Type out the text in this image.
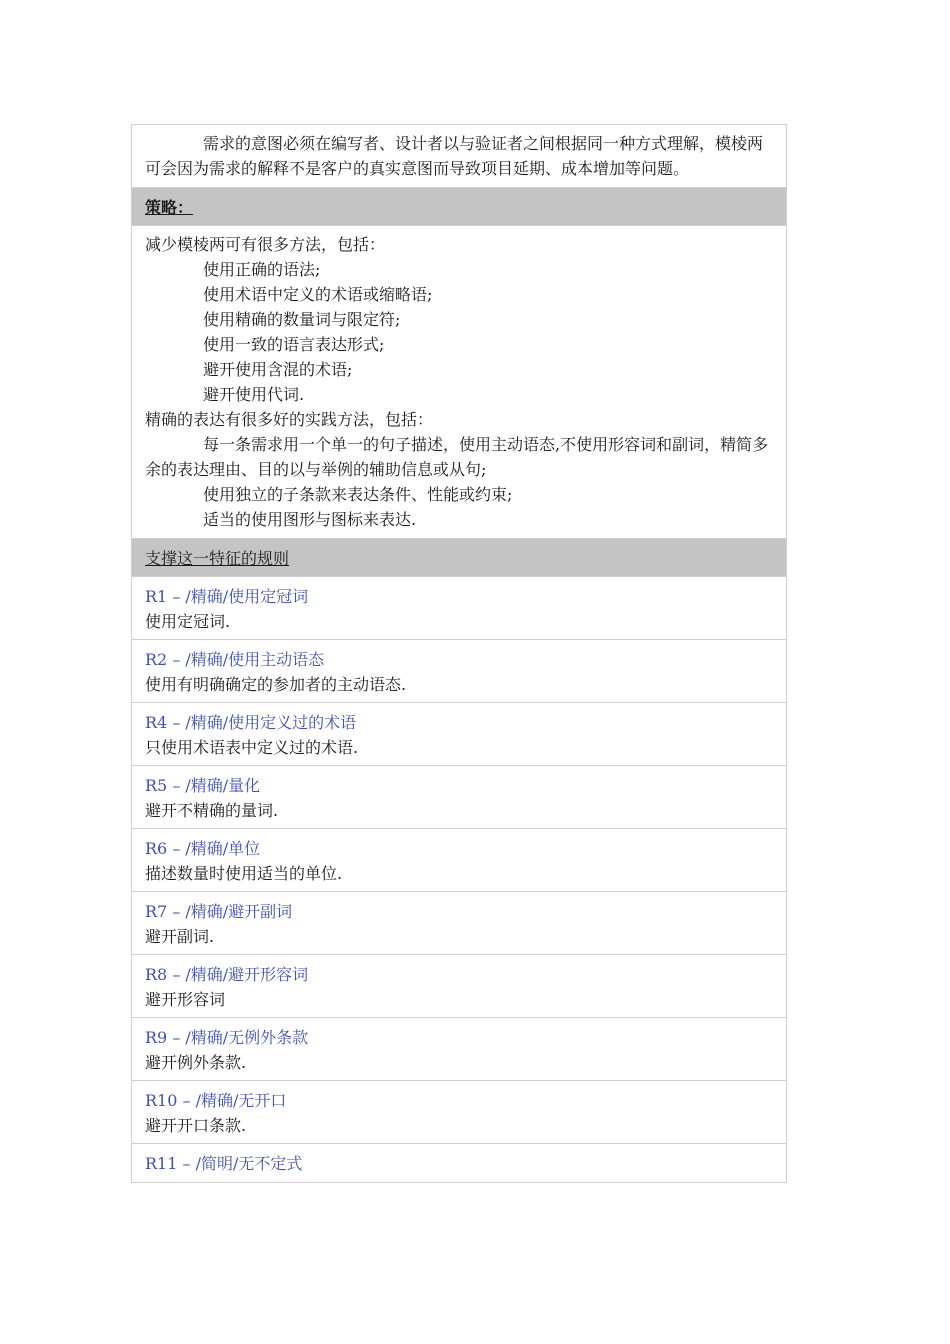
需求的意图必须在编写者、设计者以与验证者之间根据同一种方式理解，模棱两可会因为需求的解释不是客户的真实意图而导致项目延期、成本增加等问题。
策略：
减少模棱两可有很多方法，包括：
使用正确的语法;
使用术语中定义的术语或缩略语;
使用精确的数量词与限定符;
使用一致的语言表达形式;
避开使用含混的术语;
避开使用代词.
精确的表达有很多好的实践方法，包括：
每一条需求用一个单一的句子描述，使用主动语态,不使用形容词和副词，精简多余的表达理由、目的以与举例的辅助信息或从句;
使用独立的子条款来表达条件、性能或约束;
适当的使用图形与图标来表达.
支撑这一特征的规则
R1 – /精确/使用定冠词
使用定冠词.
R2 – /精确/使用主动语态
使用有明确确定的参加者的主动语态.
R4 – /精确/使用定义过的术语
只使用术语表中定义过的术语.
R5 – /精确/量化
避开不精确的量词.
R6 – /精确/单位
描述数量时使用适当的单位.
R7 – /精确/避开副词
避开副词.
R8 – /精确/避开形容词
避开形容词
R9 – /精确/无例外条款
避开例外条款.
R10 – /精确/无开口
避开开口条款.
R11 – /简明/无不定式
